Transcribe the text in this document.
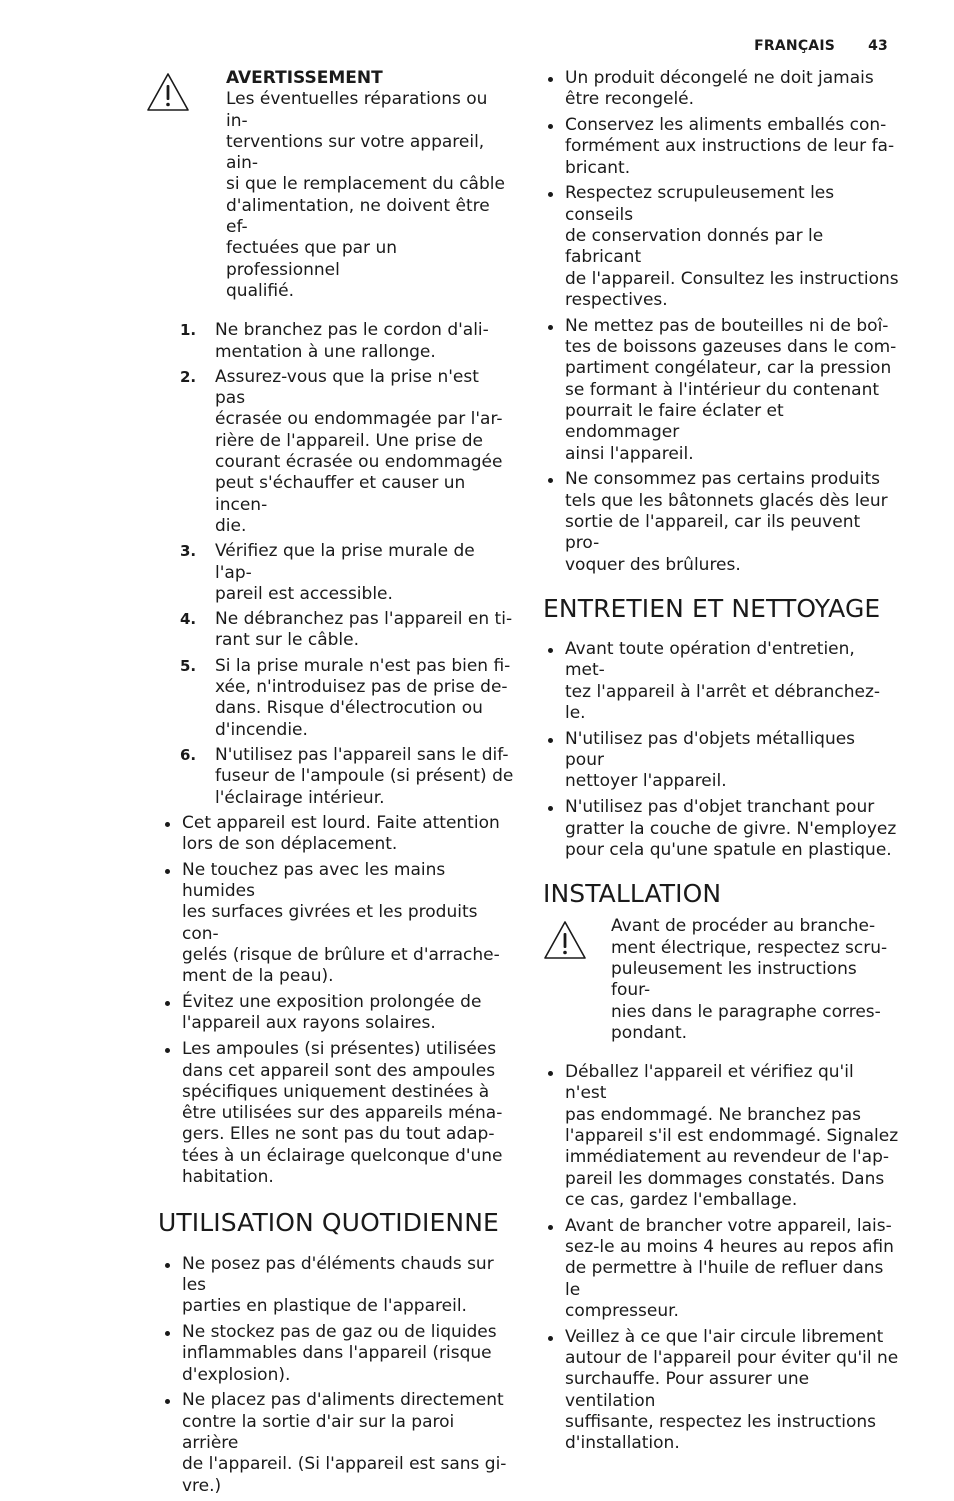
FRANÇAIS 43
AVERTISSEMENT
Les éventuelles réparations ou in-
terventions sur votre appareil, ain-
si que le remplacement du câble
d'alimentation, ne doivent être ef-
fectuées que par un professionnel
qualifié.
1. Ne branchez pas le cordon d'ali-
mentation à une rallonge.
2. Assurez-vous que la prise n'est pas
écrasée ou endommagée par l'ar-
rière de l'appareil. Une prise de
courant écrasée ou endommagée
peut s'échauffer et causer un incen-
die.
3. Vérifiez que la prise murale de l'ap-
pareil est accessible.
4. Ne débranchez pas l'appareil en ti-
rant sur le câble.
5. Si la prise murale n'est pas bien fi-
xée, n'introduisez pas de prise de-
dans. Risque d'électrocution ou
d'incendie.
6. N'utilisez pas l'appareil sans le dif-
fuseur de l'ampoule (si présent) de
l'éclairage intérieur.
Cet appareil est lourd. Faite attention
lors de son déplacement.
Ne touchez pas avec les mains humides
les surfaces givrées et les produits con-
gelés (risque de brûlure et d'arrache-
ment de la peau).
Évitez une exposition prolongée de
l'appareil aux rayons solaires.
Les ampoules (si présentes) utilisées
dans cet appareil sont des ampoules
spécifiques uniquement destinées à
être utilisées sur des appareils ména-
gers. Elles ne sont pas du tout adap-
tées à un éclairage quelconque d'une
habitation.
UTILISATION QUOTIDIENNE
Ne posez pas d'éléments chauds sur les
parties en plastique de l'appareil.
Ne stockez pas de gaz ou de liquides
inflammables dans l'appareil (risque
d'explosion).
Ne placez pas d'aliments directement
contre la sortie d'air sur la paroi arrière
de l'appareil. (Si l'appareil est sans gi-
vre.)
Un produit décongelé ne doit jamais
être recongelé.
Conservez les aliments emballés con-
formément aux instructions de leur fa-
bricant.
Respectez scrupuleusement les conseils
de conservation donnés par le fabricant
de l'appareil. Consultez les instructions
respectives.
Ne mettez pas de bouteilles ni de boî-
tes de boissons gazeuses dans le com-
partiment congélateur, car la pression
se formant à l'intérieur du contenant
pourrait le faire éclater et endommager
ainsi l'appareil.
Ne consommez pas certains produits
tels que les bâtonnets glacés dès leur
sortie de l'appareil, car ils peuvent pro-
voquer des brûlures.
ENTRETIEN ET NETTOYAGE
Avant toute opération d'entretien, met-
tez l'appareil à l'arrêt et débranchez-le.
N'utilisez pas d'objets métalliques pour
nettoyer l'appareil.
N'utilisez pas d'objet tranchant pour
gratter la couche de givre. N'employez
pour cela qu'une spatule en plastique.
INSTALLATION
Avant de procéder au branche-
ment électrique, respectez scru-
puleusement les instructions four-
nies dans le paragraphe corres-
pondant.
Déballez l'appareil et vérifiez qu'il n'est
pas endommagé. Ne branchez pas
l'appareil s'il est endommagé. Signalez
immédiatement au revendeur de l'ap-
pareil les dommages constatés. Dans
ce cas, gardez l'emballage.
Avant de brancher votre appareil, lais-
sez-le au moins 4 heures au repos afin
de permettre à l'huile de refluer dans le
compresseur.
Veillez à ce que l'air circule librement
autour de l'appareil pour éviter qu'il ne
surchauffe. Pour assurer une ventilation
suffisante, respectez les instructions
d'installation.
